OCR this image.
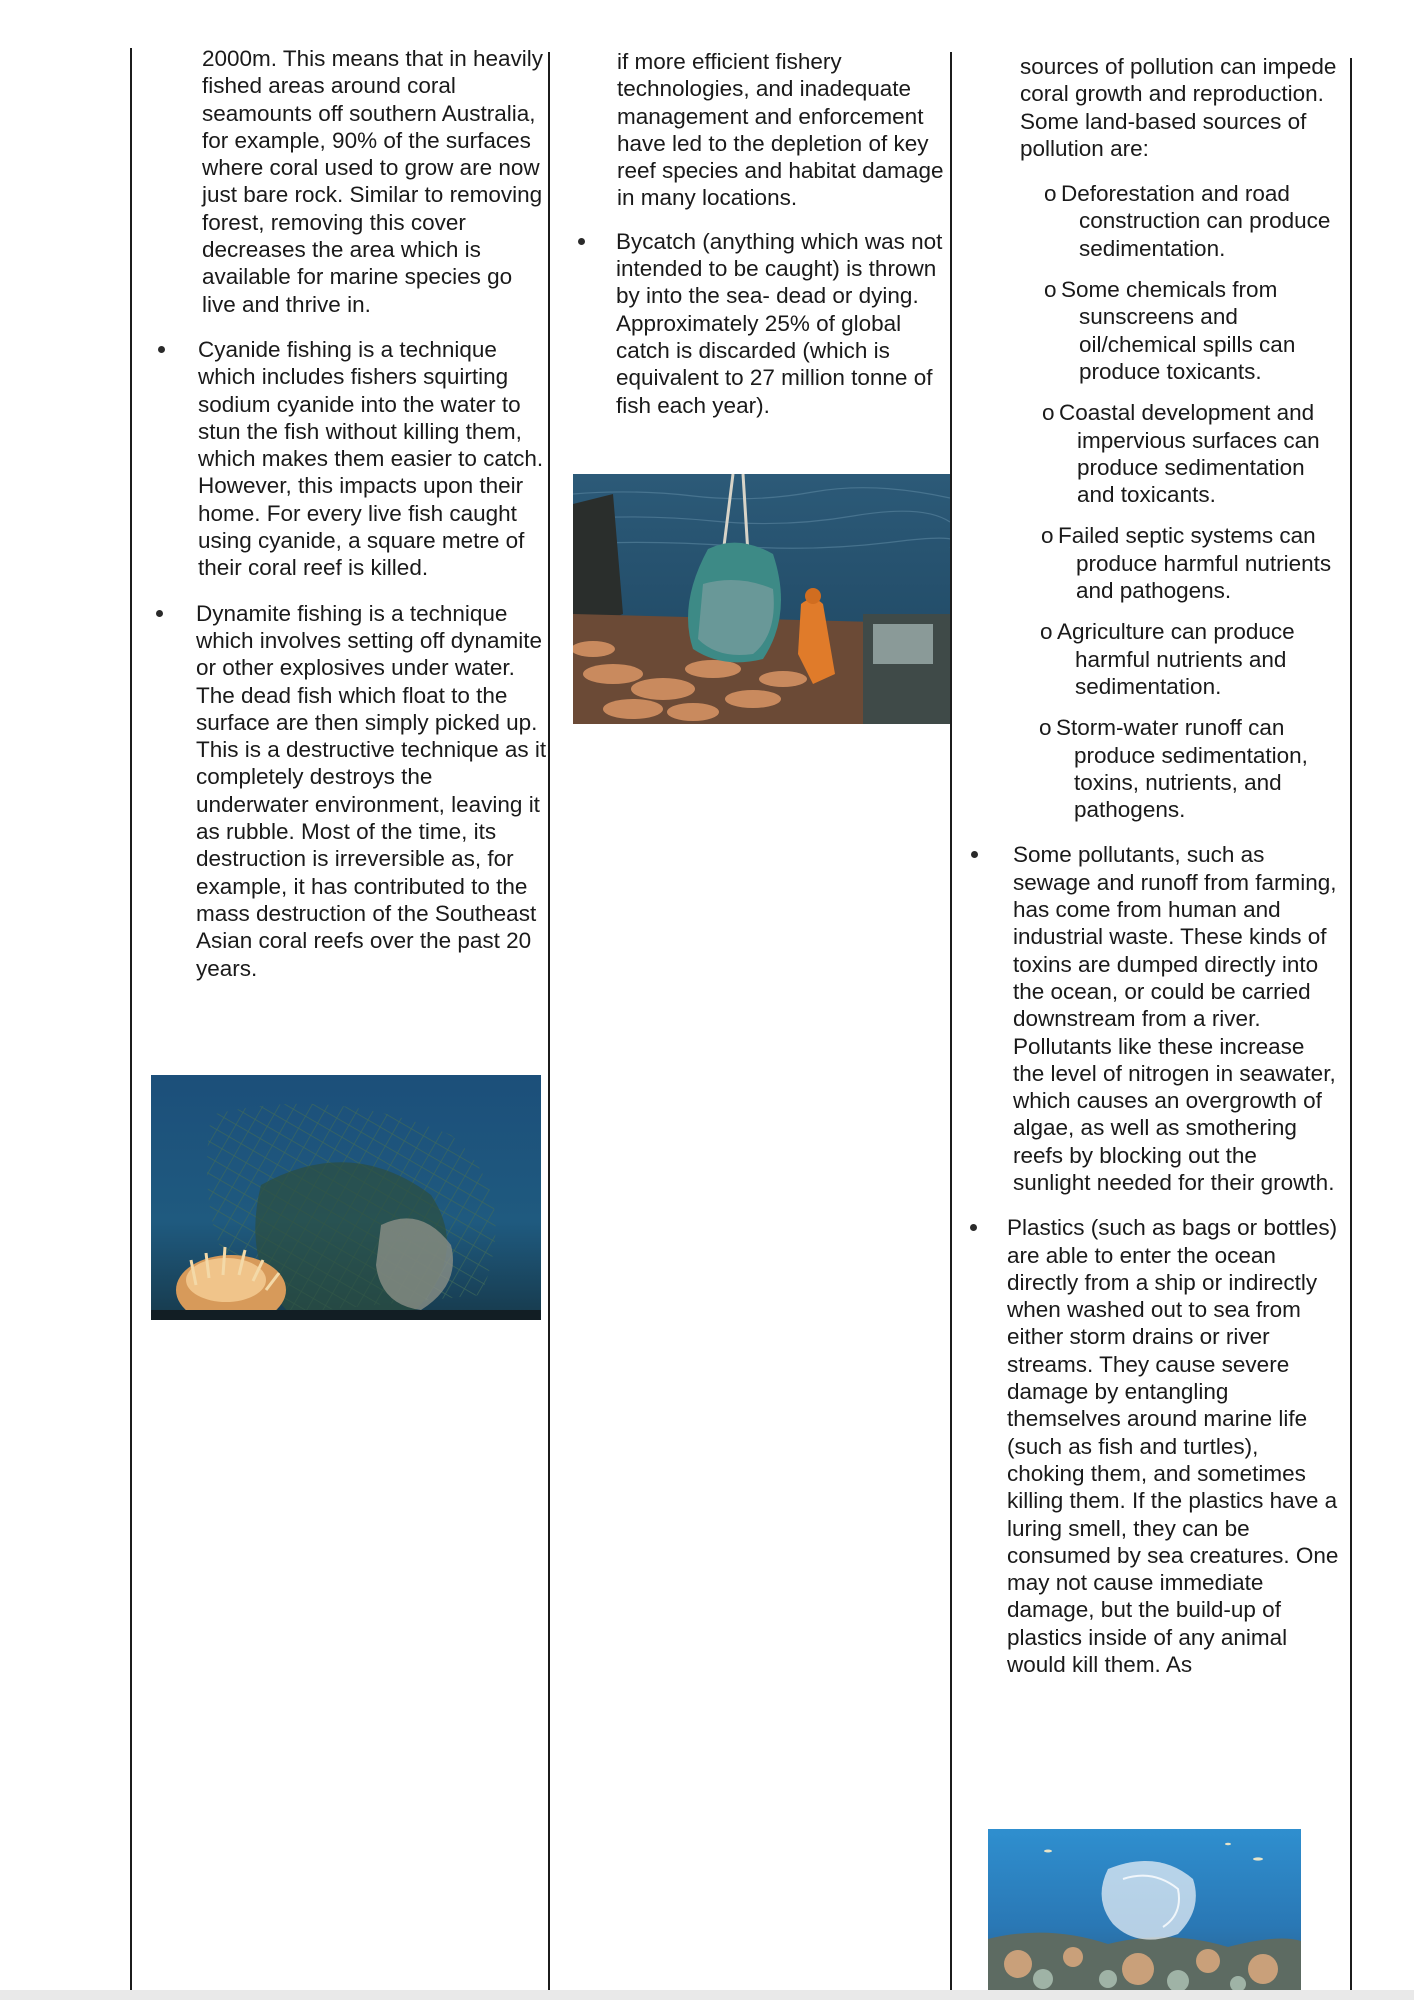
2000m. This means that in heavily fished areas around coral seamounts off southern Australia, for example, 90% of the surfaces where coral used to grow are now just bare rock. Similar to removing forest, removing this cover decreases the area which is available for marine species go live and thrive in.

Cyanide fishing is a technique which includes fishers squirting sodium cyanide into the water to stun the fish without killing them, which makes them easier to catch. However, this impacts upon their home. For every live fish caught using cyanide, a square metre of their coral reef is killed.
Dynamite fishing is a technique which involves setting off dynamite or other explosives under water. The dead fish which float to the surface are then simply picked up. This is a destructive technique as it completely destroys the underwater environment, leaving it as rubble. Most of the time, its destruction is irreversible as, for example, it has contributed to the mass destruction of the Southeast Asian coral reefs over the past 20 years.

if more efficient fishery technologies, and inadequate management and enforcement have led to the depletion of key reef species and habitat damage in many locations.

Bycatch (anything which was not intended to be caught) is thrown by into the sea- dead or dying. Approximately 25% of global catch is discarded (which is equivalent to 27 million tonne of fish each year).

sources of pollution can impede coral growth and reproduction. Some land-based sources of pollution are:

o Deforestation and road construction can produce sedimentation.
o Some chemicals from sunscreens and oil/chemical spills can produce toxicants.
o Coastal development and impervious surfaces can produce sedimentation and toxicants.
o Failed septic systems can produce harmful nutrients and pathogens.
o Agriculture can produce harmful nutrients and sedimentation.
o Storm-water runoff can produce sedimentation, toxins, nutrients, and pathogens.
Some pollutants, such as sewage and runoff from farming, has come from human and industrial waste. These kinds of toxins are dumped directly into the ocean, or could be carried downstream from a river. Pollutants like these increase the level of nitrogen in seawater, which causes an overgrowth of algae, as well as smothering reefs by blocking out the sunlight needed for their growth.
Plastics (such as bags or bottles) are able to enter the ocean directly from a ship or indirectly when washed out to sea from either storm drains or river streams. They cause severe damage by entangling themselves around marine life (such as fish and turtles), choking them, and sometimes killing them. If the plastics have a luring smell, they can be consumed by sea creatures. One may not cause immediate damage, but the build-up of plastics inside of any animal would kill them. As
